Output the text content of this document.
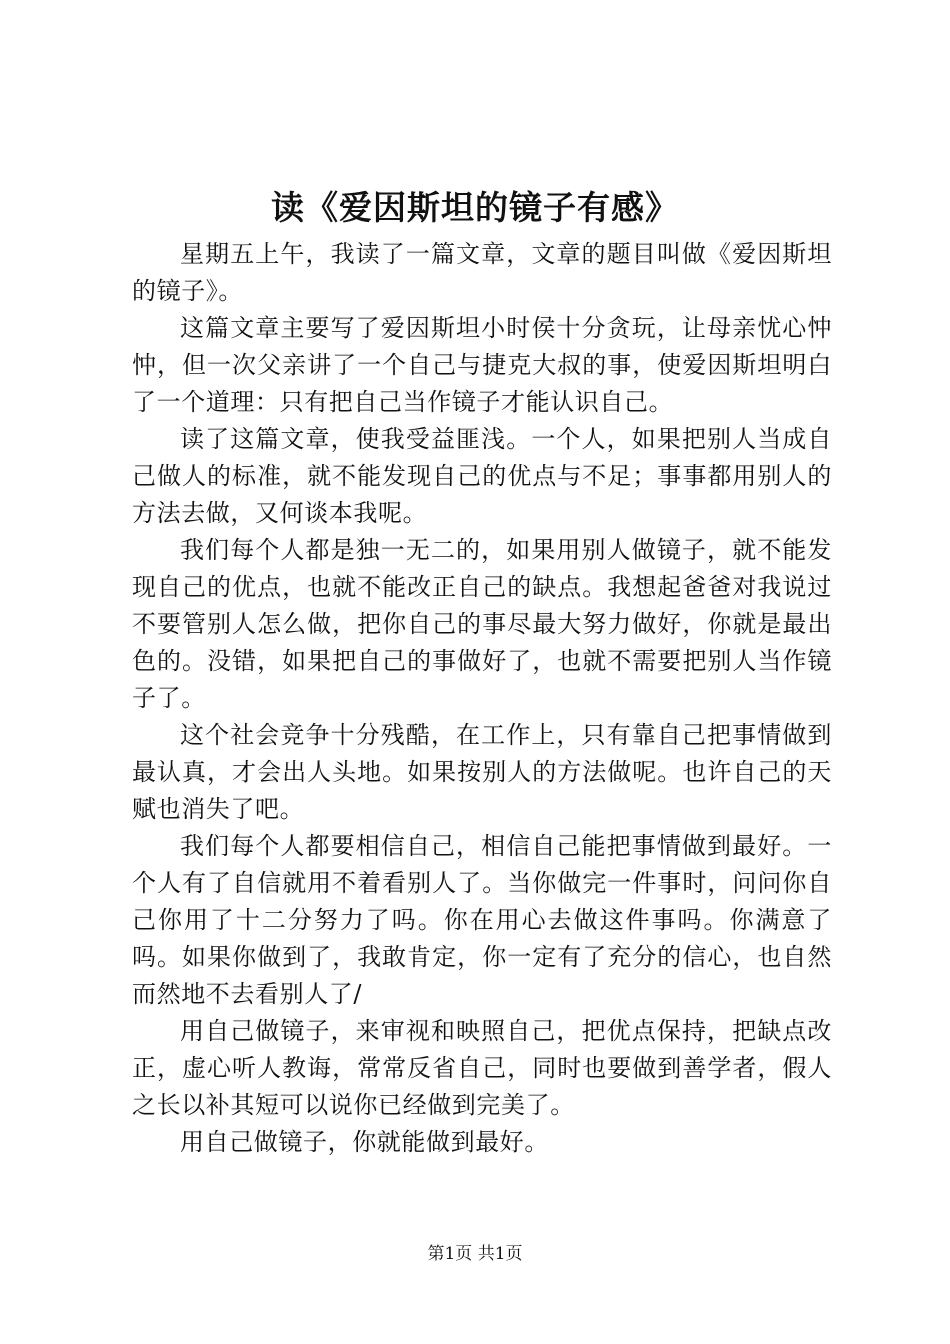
读《爱因斯坦的镜子有感》

星期五上午，我读了一篇文章，文章的题目叫做《爱因斯坦的镜子》。

这篇文章主要写了爱因斯坦小时侯十分贪玩，让母亲忧心忡忡，但一次父亲讲了一个自己与捷克大叔的事，使爱因斯坦明白了一个道理：只有把自己当作镜子才能认识自己。

读了这篇文章，使我受益匪浅。一个人，如果把别人当成自己做人的标准，就不能发现自己的优点与不足；事事都用别人的方法去做，又何谈本我呢。

我们每个人都是独一无二的，如果用别人做镜子，就不能发现自己的优点，也就不能改正自己的缺点。我想起爸爸对我说过不要管别人怎么做，把你自己的事尽最大努力做好，你就是最出色的。没错，如果把自己的事做好了，也就不需要把别人当作镜子了。

这个社会竞争十分残酷，在工作上，只有靠自己把事情做到最认真，才会出人头地。如果按别人的方法做呢。也许自己的天赋也消失了吧。

我们每个人都要相信自己，相信自己能把事情做到最好。一个人有了自信就用不着看别人了。当你做完一件事时，问问你自己你用了十二分努力了吗。你在用心去做这件事吗。你满意了吗。如果你做到了，我敢肯定，你一定有了充分的信心，也自然而然地不去看别人了/

用自己做镜子，来审视和映照自己，把优点保持，把缺点改正，虚心听人教诲，常常反省自己，同时也要做到善学者，假人之长以补其短可以说你已经做到完美了。

用自己做镜子，你就能做到最好。

第1页 共1页
